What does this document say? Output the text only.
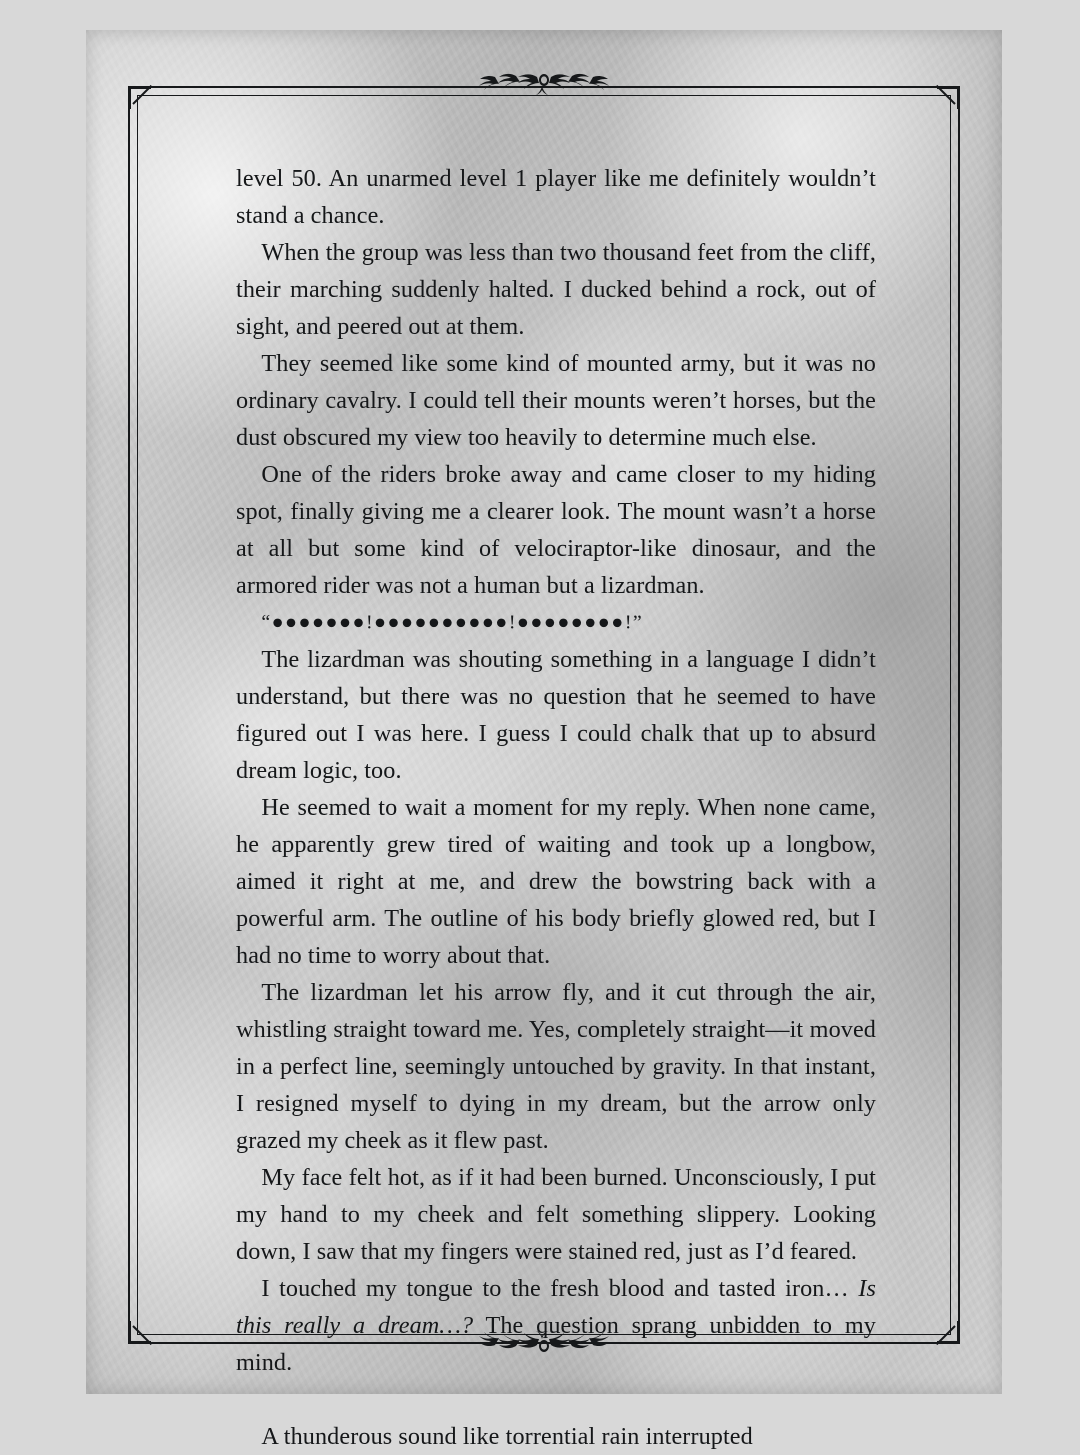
level 50. An unarmed level 1 player like me definitely wouldn’t stand a chance.

When the group was less than two thousand feet from the cliff, their marching suddenly halted. I ducked behind a rock, out of sight, and peered out at them.

They seemed like some kind of mounted army, but it was no ordinary cavalry. I could tell their mounts weren’t horses, but the dust obscured my view too heavily to determine much else.

One of the riders broke away and came closer to my hiding spot, finally giving me a clearer look. The mount wasn’t a horse at all but some kind of velociraptor-like dinosaur, and the armored rider was not a human but a lizardman.

“●●●●●●●!●●●●●●●●●●!●●●●●●●●!”

The lizardman was shouting something in a language I didn’t understand, but there was no question that he seemed to have figured out I was here. I guess I could chalk that up to absurd dream logic, too.

He seemed to wait a moment for my reply. When none came, he apparently grew tired of waiting and took up a longbow, aimed it right at me, and drew the bowstring back with a powerful arm. The outline of his body briefly glowed red, but I had no time to worry about that.

The lizardman let his arrow fly, and it cut through the air, whistling straight toward me. Yes, completely straight—it moved in a perfect line, seemingly untouched by gravity. In that instant, I resigned myself to dying in my dream, but the arrow only grazed my cheek as it flew past.

My face felt hot, as if it had been burned. Unconsciously, I put my hand to my cheek and felt something slippery. Looking down, I saw that my fingers were stained red, just as I’d feared.

I touched my tongue to the fresh blood and tasted iron… Is this really a dream…? The question sprang unbidden to my mind.

A thunderous sound like torrential rain interrupted
